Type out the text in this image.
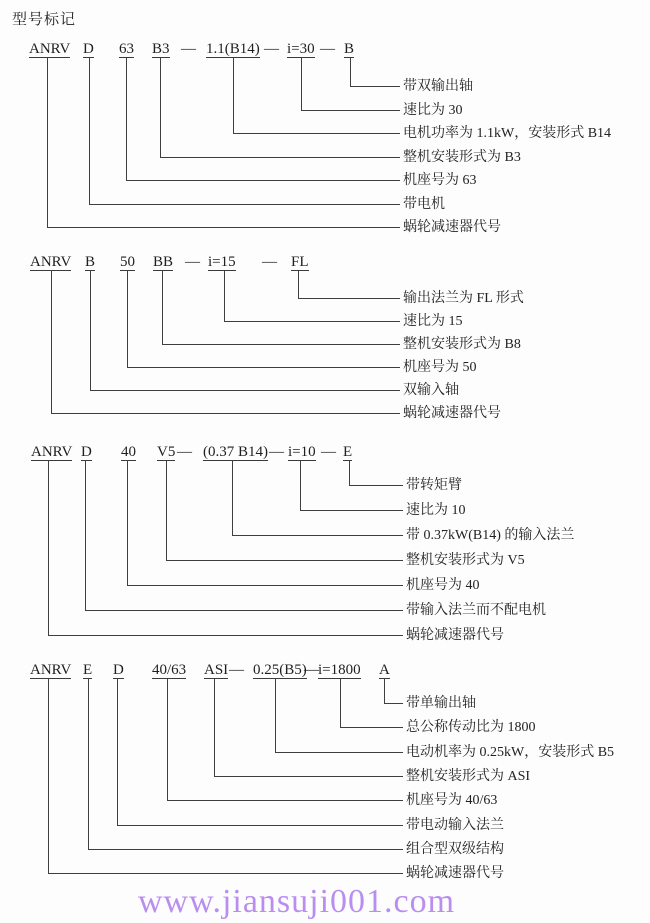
型号标记
ANRV D 63 B3 — 1.1(B14) — i=30 — B
带双输出轴
速比为 30
电机功率为 1.1kW，安装形式 B14
整机安装形式为 B3
机座号为 63
带电机
蜗轮减速器代号
ANRV B 50 BB — i=15 — FL
输出法兰为 FL 形式
速比为 15
整机安装形式为 B8
机座号为 50
双输入轴
蜗轮减速器代号
ANRV D 40 V5 — (0.37 B14) — i=10 — E
带转矩臂
速比为 10
带 0.37kW(B14) 的输入法兰
整机安装形式为 V5
机座号为 40
带输入法兰而不配电机
蜗轮减速器代号
ANRV E D 40/63 ASI — 0.25(B5)
— i=1800 A
带单输出轴
总公称传动比为 1800
电动机率为 0.25kW，安装形式 B5
整机安装形式为 ASI
机座号为 40/63
带电动输入法兰
组合型双级结构
蜗轮减速器代号
www.jiansuji001.com
